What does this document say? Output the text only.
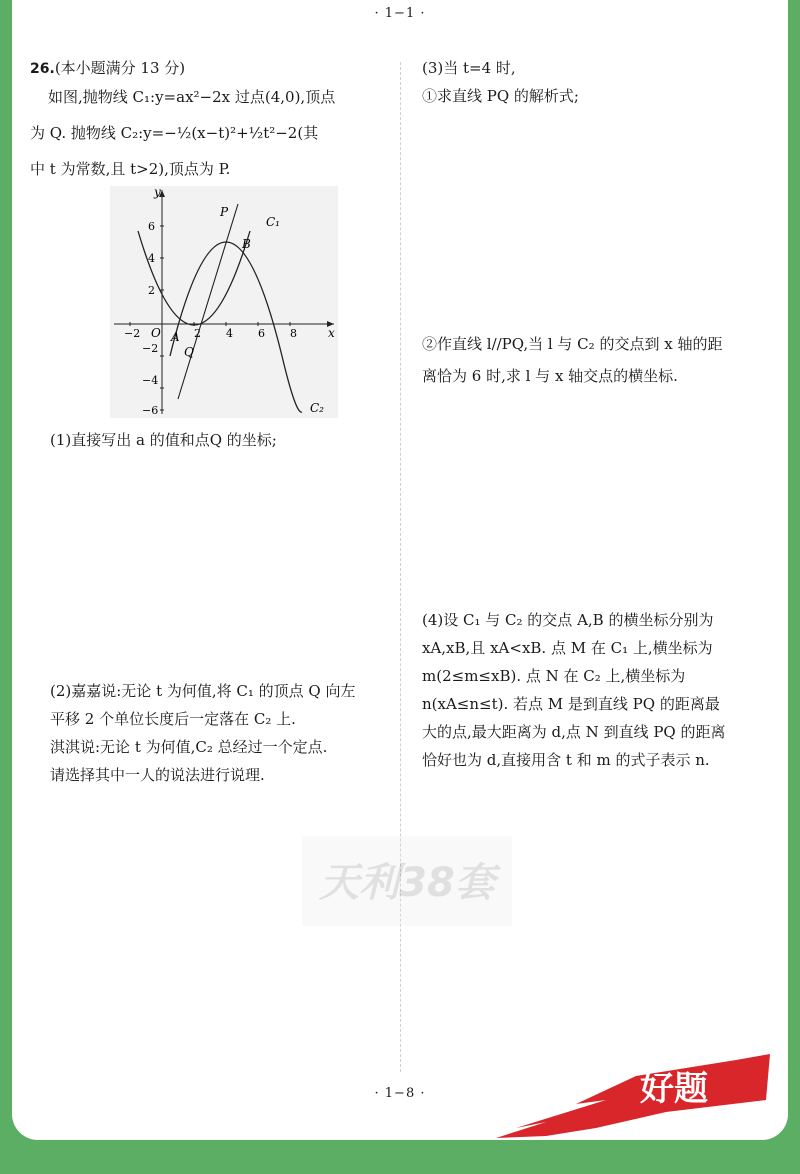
· 1−1 ·
26.(本小题满分 13 分)
如图,抛物线 C₁:y=ax²−2x 过点(4,0),顶点
为 Q. 抛物线 C₂:y=−½(x−t)²+½t²−2(其
中 t 为常数,且 t>2),顶点为 P.
x
y
O
−2	2 4 6 8
6
4
2
−2
−4
−6
P
Q
A
B
C₁
C₂
(1)直接写出 a 的值和点Q 的坐标;
(2)嘉嘉说:无论 t 为何值,将 C₁ 的顶点 Q 向左
平移 2 个单位长度后一定落在 C₂ 上.
淇淇说:无论 t 为何值,C₂ 总经过一个定点.
请选择其中一人的说法进行说理.
(3)当 t=4 时,
①求直线 PQ 的解析式;
②作直线 l//PQ,当 l 与 C₂ 的交点到 x 轴的距
离恰为 6 时,求 l 与 x 轴交点的横坐标.
(4)设 C₁ 与 C₂ 的交点 A,B 的横坐标分别为
xA,xB,且 xA<xB. 点 M 在 C₁ 上,横坐标为
m(2≤m≤xB). 点 N 在 C₂ 上,横坐标为
n(xA≤n≤t). 若点 M 是到直线 PQ 的距离最
大的点,最大距离为 d,点 N 到直线 PQ 的距离
恰好也为 d,直接用含 t 和 m 的式子表示 n.
天利38套
· 1−8 ·	好题
